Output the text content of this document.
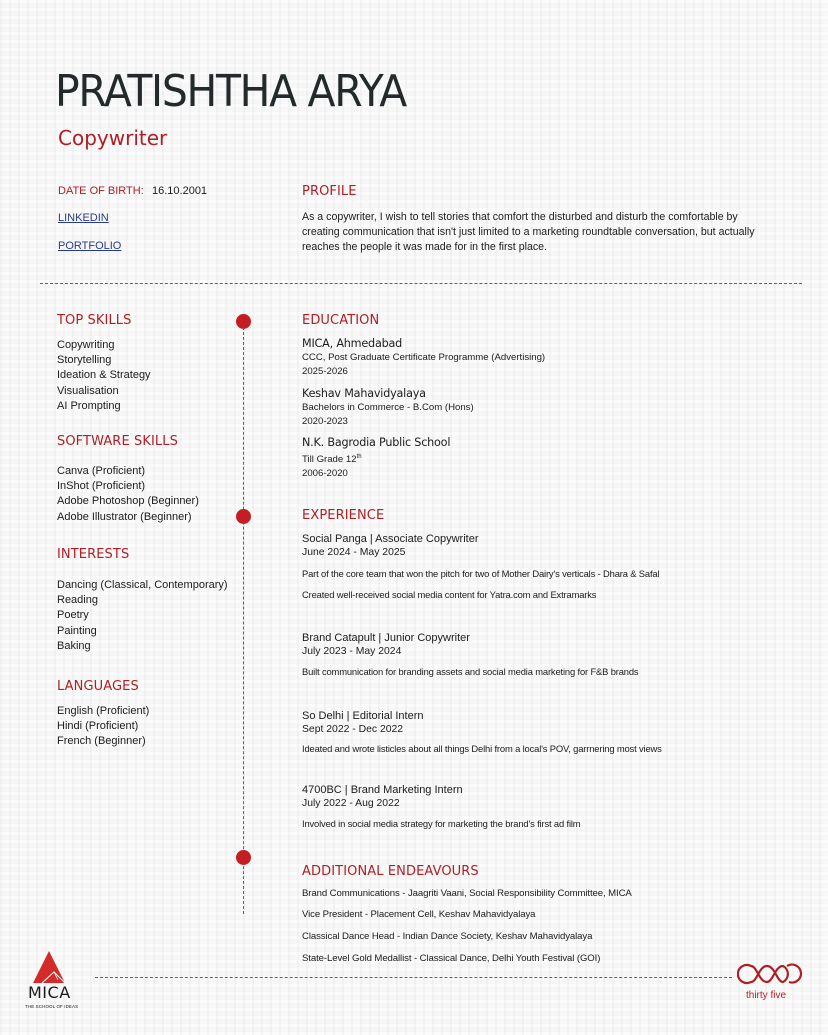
PRATISHTHA ARYA
Copywriter
DATE OF BIRTH: 16.10.2001
LINKEDIN
PORTFOLIO
PROFILE
As a copywriter, I wish to tell stories that comfort the disturbed and disturb the comfortable by creating communication that isn't just limited to a marketing roundtable conversation, but actually reaches the people it was made for in the first place.
TOP SKILLS
Copywriting
Storytelling
Ideation & Strategy
Visualisation
AI Prompting
SOFTWARE SKILLS
Canva (Proficient)
InShot (Proficient)
Adobe Photoshop (Beginner)
Adobe Illustrator (Beginner)
INTERESTS
Dancing (Classical, Contemporary)
Reading
Poetry
Painting
Baking
LANGUAGES
English (Proficient)
Hindi (Proficient)
French (Beginner)
EDUCATION
MICA, Ahmedabad
CCC, Post Graduate Certificate Programme (Advertising)
2025-2026
Keshav Mahavidyalaya
Bachelors in Commerce - B.Com (Hons)
2020-2023
N.K. Bagrodia Public School
Till Grade 12th
2006-2020
EXPERIENCE
Social Panga | Associate Copywriter
June 2024 - May 2025
Part of the core team that won the pitch for two of Mother Dairy's verticals - Dhara & Safal
Created well-received social media content for Yatra.com and Extramarks
Brand Catapult | Junior Copywriter
July 2023 - May 2024
Built communication for branding assets and social media marketing for F&B brands
So Delhi | Editorial Intern
Sept 2022 - Dec 2022
Ideated and wrote listicles about all things Delhi from a local's POV, garrnering most views
4700BC | Brand Marketing Intern
July 2022 - Aug 2022
Involved in social media strategy for marketing the brand's first ad film
ADDITIONAL ENDEAVOURS
Brand Communications - Jaagriti Vaani, Social Responsibility Committee, MICA
Vice President - Placement Cell, Keshav Mahavidyalaya
Classical Dance Head - Indian Dance Society, Keshav Mahavidyalaya
State-Level Gold Medallist - Classical Dance, Delhi Youth Festival (GOI)
MICA
THE SCHOOL OF IDEAS
thirty five
